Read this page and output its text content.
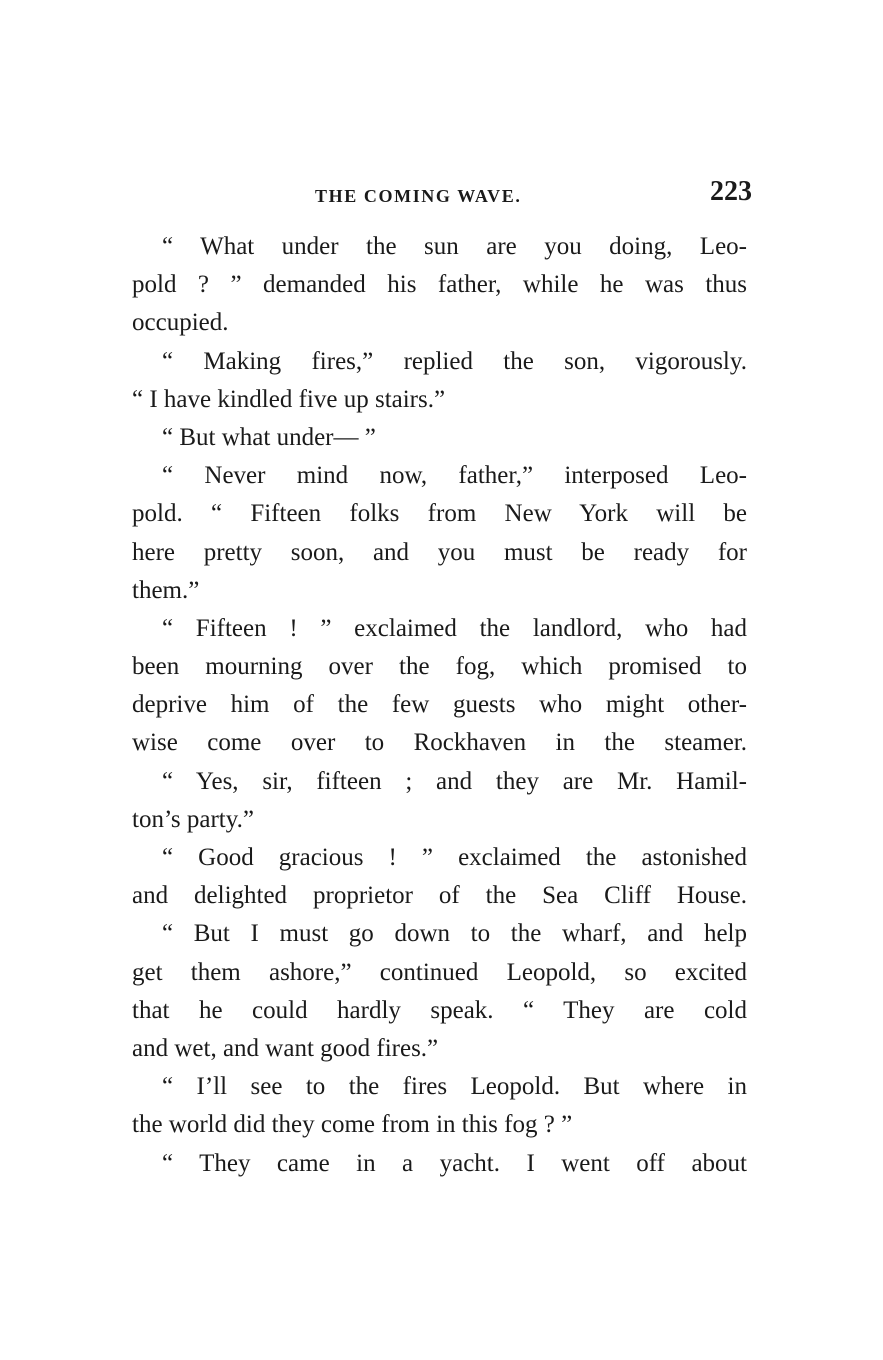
THE COMING WAVE.	223
“ What under the sun are you doing, Leo-
pold ? ” demanded his father, while he was thus
occupied.
“ Making fires,” replied the son, vigorously.
“ I have kindled five up stairs.”
“ But what under— ”
“ Never mind now, father,” interposed Leo-
pold. “ Fifteen folks from New York will be
here pretty soon, and you must be ready for
them.”
“ Fifteen ! ” exclaimed the landlord, who had
been mourning over the fog, which promised to
deprive him of the few guests who might other-
wise come over to Rockhaven in the steamer.
“ Yes, sir, fifteen ; and they are Mr. Hamil-
ton’s party.”
“ Good gracious ! ” exclaimed the astonished
and delighted proprietor of the Sea Cliff House.
“ But I must go down to the wharf, and help
get them ashore,” continued Leopold, so excited
that he could hardly speak. “ They are cold
and wet, and want good fires.”
“ I’ll see to the fires Leopold. But where in
the world did they come from in this fog ? ”
“ They came in a yacht. I went off about
